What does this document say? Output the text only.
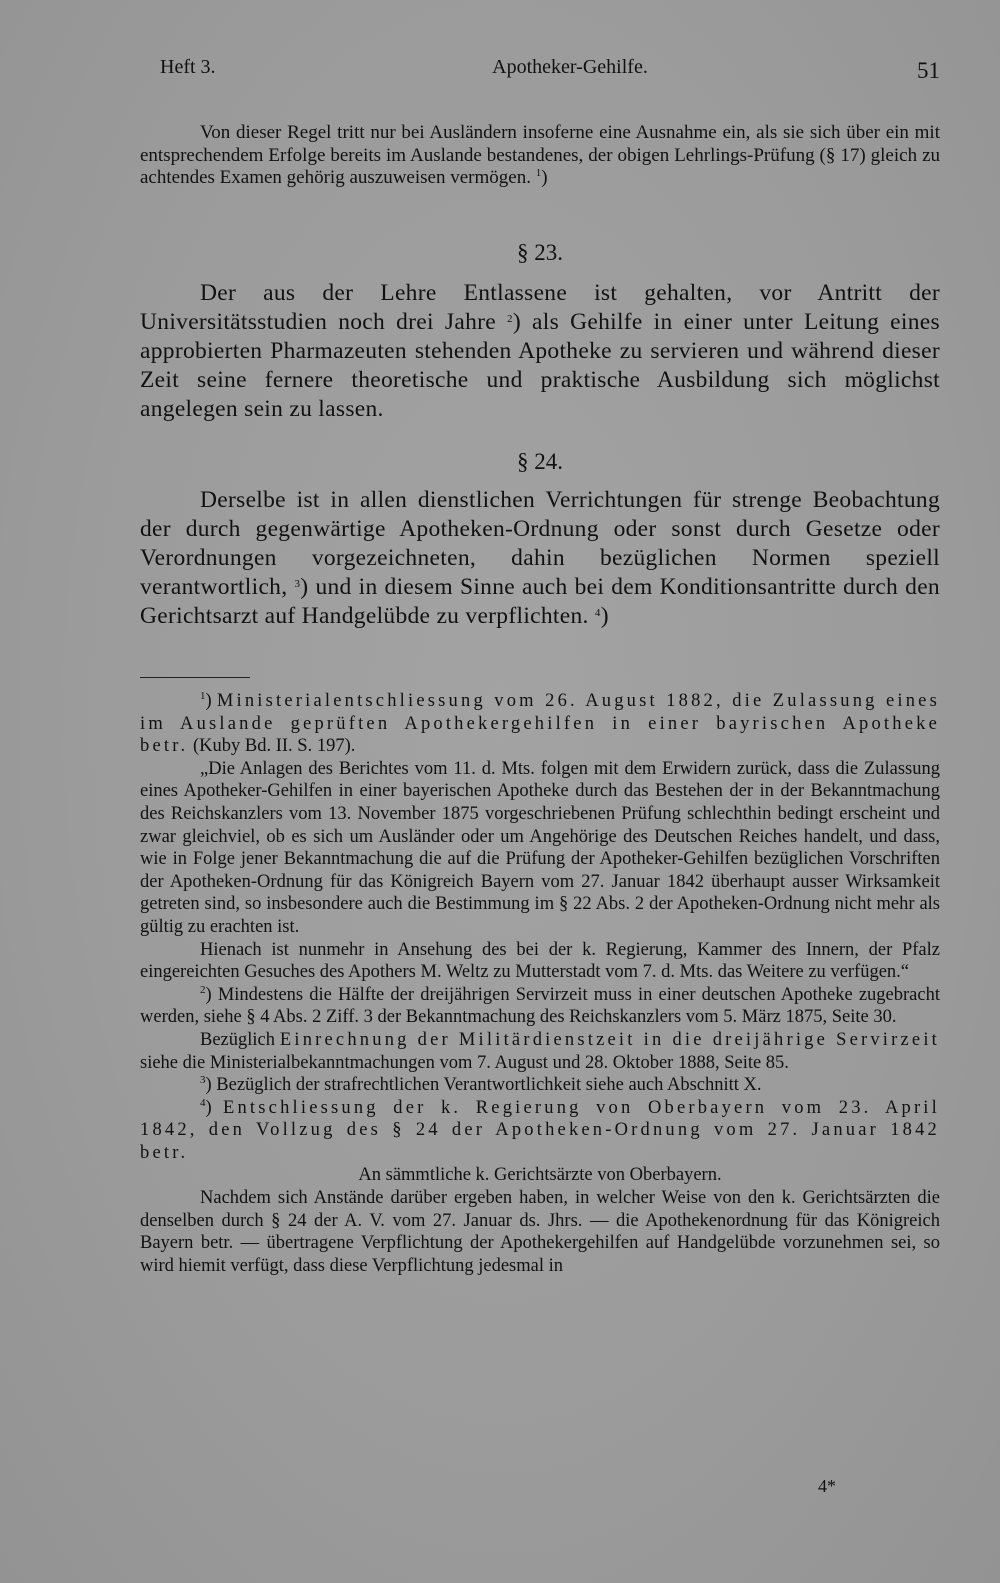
Heft 3.	Apotheker-Gehilfe.	51

Von dieser Regel tritt nur bei Ausländern insoferne eine Ausnahme ein, als sie sich über ein mit entsprechendem Erfolge bereits im Auslande bestandenes, der obigen Lehrlings-Prüfung (§ 17) gleich zu achtendes Examen gehörig auszuweisen vermögen. $^1$)

§ 23.

Der aus der Lehre Entlassene ist gehalten, vor Antritt der Universitätsstudien noch drei Jahre $^2$) als Gehilfe in einer unter Leitung eines approbierten Pharmazeuten stehenden Apotheke zu servieren und während dieser Zeit seine fernere theoretische und praktische Ausbildung sich möglichst angelegen sein zu lassen.

§ 24.

Derselbe ist in allen dienstlichen Verrichtungen für strenge Beobachtung der durch gegenwärtige Apotheken-Ordnung oder sonst durch Gesetze oder Verordnungen vorgezeichneten, dahin bezüglichen Normen speziell verantwortlich, $^3$) und in diesem Sinne auch bei dem Konditionsantritte durch den Gerichtsarzt auf Handgelübde zu verpflichten. $^4$)

$^1$) Ministerialentschliessung vom 26. August 1882, die Zulassung eines im Auslande geprüften Apothekergehilfen in einer bayrischen Apotheke betr. (Kuby Bd. II. S. 197).

„Die Anlagen des Berichtes vom 11. d. Mts. folgen mit dem Erwidern zurück, dass die Zulassung eines Apotheker-Gehilfen in einer bayerischen Apotheke durch das Bestehen der in der Bekanntmachung des Reichskanzlers vom 13. November 1875 vorgeschriebenen Prüfung schlechthin bedingt erscheint und zwar gleichviel, ob es sich um Ausländer oder um Angehörige des Deutschen Reiches handelt, und dass, wie in Folge jener Bekanntmachung die auf die Prüfung der Apotheker-Gehilfen bezüglichen Vorschriften der Apotheken-Ordnung für das Königreich Bayern vom 27. Januar 1842 überhaupt ausser Wirksamkeit getreten sind, so insbesondere auch die Bestimmung im § 22 Abs. 2 der Apotheken-Ordnung nicht mehr als gültig zu erachten ist.

Hienach ist nunmehr in Ansehung des bei der k. Regierung, Kammer des Innern, der Pfalz eingereichten Gesuches des Apothers M. Weltz zu Mutterstadt vom 7. d. Mts. das Weitere zu verfügen.“

$^2$) Mindestens die Hälfte der dreijährigen Servirzeit muss in einer deutschen Apotheke zugebracht werden, siehe § 4 Abs. 2 Ziff. 3 der Bekanntmachung des Reichskanzlers vom 5. März 1875, Seite 30.

Bezüglich Einrechnung der Militärdienstzeit in die dreijährige Servirzeit siehe die Ministerialbekanntmachungen vom 7. August und 28. Oktober 1888, Seite 85.

$^3$) Bezüglich der strafrechtlichen Verantwortlichkeit siehe auch Abschnitt X.

$^4$) Entschliessung der k. Regierung von Oberbayern vom 23. April 1842, den Vollzug des § 24 der Apotheken-Ordnung vom 27. Januar 1842 betr.

An sämmtliche k. Gerichtsärzte von Oberbayern.

Nachdem sich Anstände darüber ergeben haben, in welcher Weise von den k. Gerichtsärzten die denselben durch § 24 der A. V. vom 27. Januar ds. Jhrs. — die Apothekenordnung für das Königreich Bayern betr. — übertragene Verpflichtung der Apothekergehilfen auf Handgelübde vorzunehmen sei, so wird hiemit verfügt, dass diese Verpflichtung jedesmal in

4*
